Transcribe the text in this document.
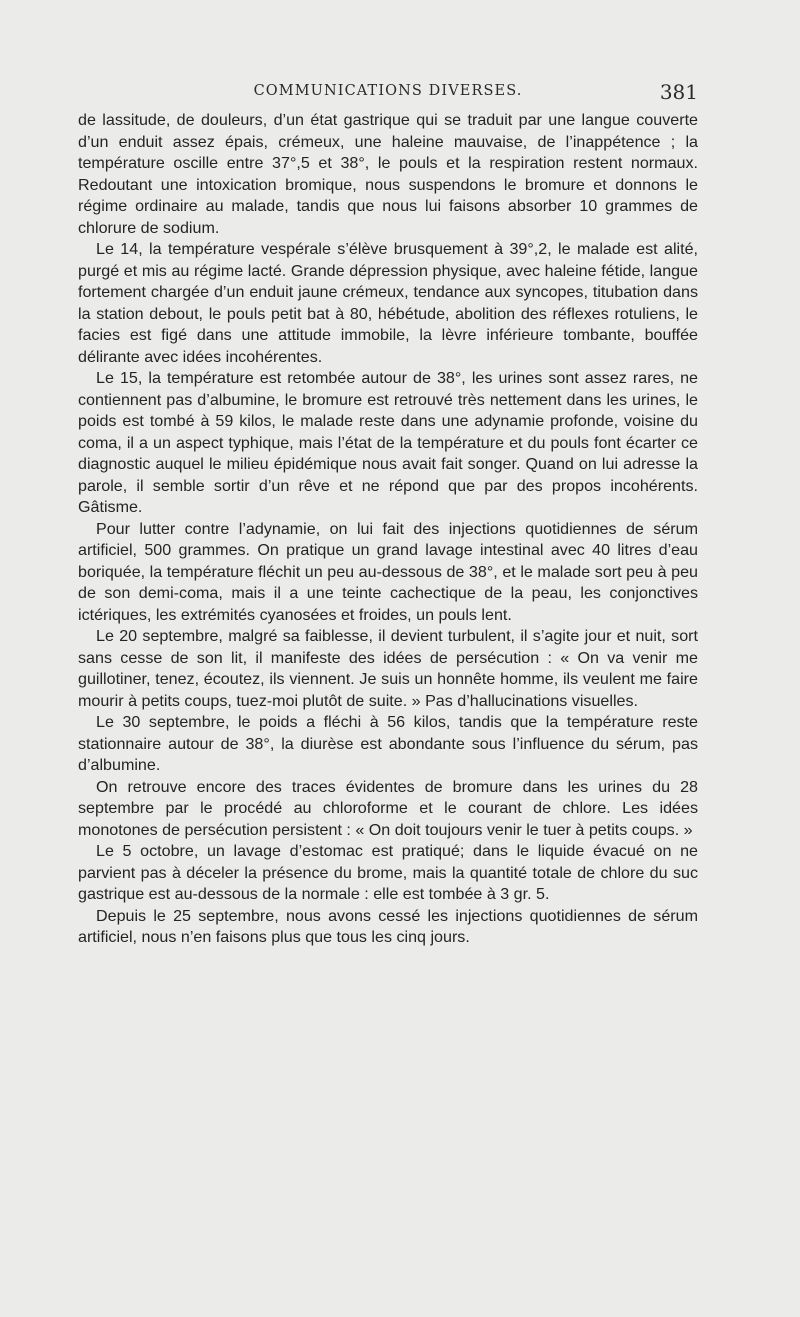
COMMUNICATIONS DIVERSES.	381

de lassitude, de douleurs, d’un état gastrique qui se traduit par une langue couverte d’un enduit assez épais, crémeux, une haleine mauvaise, de l’inappétence ; la température oscille entre 37°,5 et 38°, le pouls et la respiration restent normaux. Redoutant une intoxication bromique, nous suspendons le bromure et donnons le régime ordinaire au malade, tandis que nous lui faisons absorber 10 grammes de chlorure de sodium.

Le 14, la température vespérale s’élève brusquement à 39°,2, le malade est alité, purgé et mis au régime lacté. Grande dépression physique, avec haleine fétide, langue fortement chargée d’un enduit jaune crémeux, tendance aux syncopes, titubation dans la station debout, le pouls petit bat à 80, hébétude, abolition des réflexes rotuliens, le facies est figé dans une attitude immobile, la lèvre inférieure tombante, bouffée délirante avec idées incohérentes.

Le 15, la température est retombée autour de 38°, les urines sont assez rares, ne contiennent pas d’albumine, le bromure est retrouvé très nettement dans les urines, le poids est tombé à 59 kilos, le malade reste dans une adynamie profonde, voisine du coma, il a un aspect typhique, mais l’état de la température et du pouls font écarter ce diagnostic auquel le milieu épidémique nous avait fait songer. Quand on lui adresse la parole, il semble sortir d’un rêve et ne répond que par des propos incohérents. Gâtisme.

Pour lutter contre l’adynamie, on lui fait des injections quotidiennes de sérum artificiel, 500 grammes. On pratique un grand lavage intestinal avec 40 litres d’eau boriquée, la température fléchit un peu au-dessous de 38°, et le malade sort peu à peu de son demi-coma, mais il a une teinte cachectique de la peau, les conjonctives ictériques, les extrémités cyanosées et froides, un pouls lent.

Le 20 septembre, malgré sa faiblesse, il devient turbulent, il s’agite jour et nuit, sort sans cesse de son lit, il manifeste des idées de persécution : « On va venir me guillotiner, tenez, écoutez, ils viennent. Je suis un honnête homme, ils veulent me faire mourir à petits coups, tuez-moi plutôt de suite. » Pas d’hallucinations visuelles.

Le 30 septembre, le poids a fléchi à 56 kilos, tandis que la température reste stationnaire autour de 38°, la diurèse est abondante sous l’influence du sérum, pas d’albumine.

On retrouve encore des traces évidentes de bromure dans les urines du 28 septembre par le procédé au chloroforme et le courant de chlore. Les idées monotones de persécution persistent : « On doit toujours venir le tuer à petits coups. »

Le 5 octobre, un lavage d’estomac est pratiqué; dans le liquide évacué on ne parvient pas à déceler la présence du brome, mais la quantité totale de chlore du suc gastrique est au-dessous de la normale : elle est tombée à 3 gr. 5.

Depuis le 25 septembre, nous avons cessé les injections quotidiennes de sérum artificiel, nous n’en faisons plus que tous les cinq jours.
